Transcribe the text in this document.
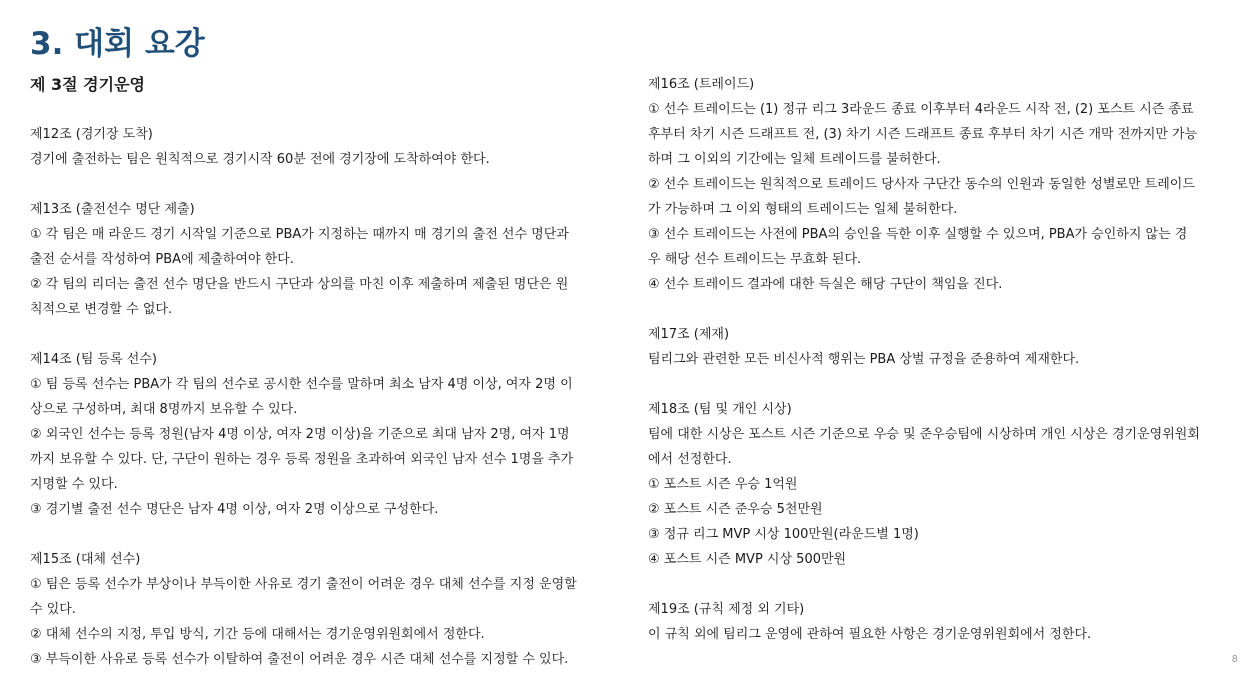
3. 대회 요강

제 3절 경기운영

제12조 (경기장 도착)

경기에 출전하는 팀은 원칙적으로 경기시작 60분 전에 경기장에 도착하여야 한다.

제13조 (출전선수 명단 제출)

① 각 팀은 매 라운드 경기 시작일 기준으로 PBA가 지정하는 때까지 매 경기의 출전 선수 명단과

출전 순서를 작성하여 PBA에 제출하여야 한다.

② 각 팀의 리더는 출전 선수 명단을 반드시 구단과 상의를 마친 이후 제출하며 제출된 명단은 원

칙적으로 변경할 수 없다.

제14조 (팀 등록 선수)

① 팀 등록 선수는 PBA가 각 팀의 선수로 공시한 선수를 말하며 최소 남자 4명 이상, 여자 2명 이

상으로 구성하며, 최대 8명까지 보유할 수 있다.

② 외국인 선수는 등록 정원(남자 4명 이상, 여자 2명 이상)을 기준으로 최대 남자 2명, 여자 1명

까지 보유할 수 있다. 단, 구단이 원하는 경우 등록 정원을 초과하여 외국인 남자 선수 1명을 추가

지명할 수 있다.

③ 경기별 출전 선수 명단은 남자 4명 이상, 여자 2명 이상으로 구성한다.

제15조 (대체 선수)

① 팀은 등록 선수가 부상이나 부득이한 사유로 경기 출전이 어려운 경우 대체 선수를 지정 운영할

수 있다.

② 대체 선수의 지정, 투입 방식, 기간 등에 대해서는 경기운영위원회에서 정한다.

③ 부득이한 사유로 등록 선수가 이탈하여 출전이 어려운 경우 시즌 대체 선수를 지정할 수 있다.

제16조 (트레이드)

① 선수 트레이드는 (1) 정규 리그 3라운드 종료 이후부터 4라운드 시작 전, (2) 포스트 시즌 종료

후부터 차기 시즌 드래프트 전, (3) 차기 시즌 드래프트 종료 후부터 차기 시즌 개막 전까지만 가능

하며 그 이외의 기간에는 일체 트레이드를 불허한다.

② 선수 트레이드는 원칙적으로 트레이드 당사자 구단간 동수의 인원과 동일한 성별로만 트레이드

가 가능하며 그 이외 형태의 트레이드는 일체 불허한다.

③ 선수 트레이드는 사전에 PBA의 승인을 득한 이후 실행할 수 있으며, PBA가 승인하지 않는 경

우 해당 선수 트레이드는 무효화 된다.

④ 선수 트레이드 결과에 대한 득실은 해당 구단이 책임을 진다.

제17조 (제재)

팀리그와 관련한 모든 비신사적 행위는 PBA 상벌 규정을 준용하여 제재한다.

제18조 (팀 및 개인 시상)

팀에 대한 시상은 포스트 시즌 기준으로 우승 및 준우승팀에 시상하며 개인 시상은 경기운영위원회

에서 선정한다.

① 포스트 시즌 우승 1억원

② 포스트 시즌 준우승 5천만원

③ 정규 리그 MVP 시상 100만원(라운드별 1명)

④ 포스트 시즌 MVP 시상 500만원

제19조 (규칙 제정 외 기타)

이 규칙 외에 팀리그 운영에 관하여 필요한 사항은 경기운영위원회에서 정한다.

8
